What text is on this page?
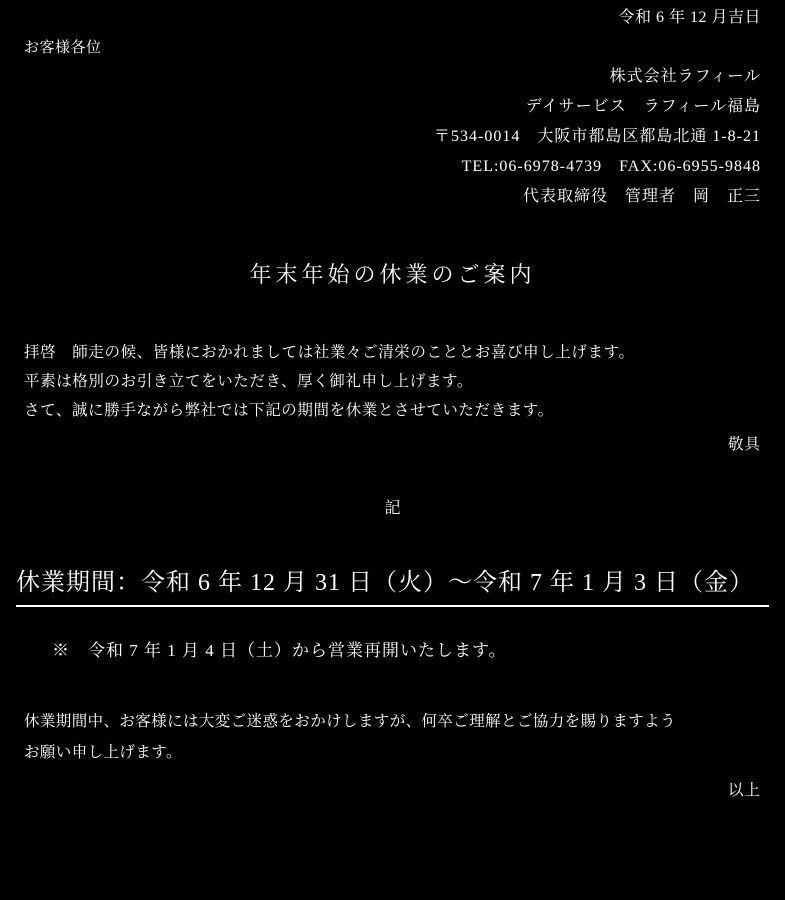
令和 6 年 12 月吉日
お客様各位
株式会社ラフィール
デイサービス　ラフィール福島
〒534-0014　大阪市都島区都島北通 1-8-21
TEL:06-6978-4739　FAX:06-6955-9848
代表取締役　管理者　岡　正三
年末年始の休業のご案内
拝啓　師走の候、皆様におかれましては社業々ご清栄のこととお喜び申し上げます。
平素は格別のお引き立てをいただき、厚く御礼申し上げます。
さて、誠に勝手ながら弊社では下記の期間を休業とさせていただきます。
敬具
記
休業期間：令和 6 年 12 月 31 日（火）～令和 7 年 1 月 3 日（金）
※　令和 7 年 1 月 4 日（土）から営業再開いたします。
休業期間中、お客様には大変ご迷惑をおかけしますが、何卒ご理解とご協力を賜りますよう
お願い申し上げます。
以上
